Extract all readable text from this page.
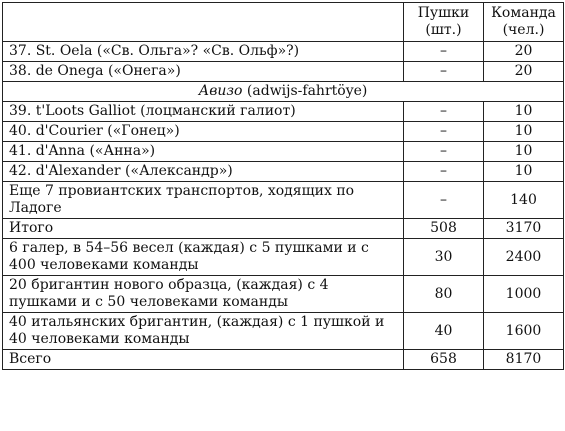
	Пушки (шт.)	Команда (чел.)
37. St. Oela («Св. Ольга»? «Св. Ольф»?)	–	20
38. de Onega («Онега»)	–	20
Авизо (adwijs-fahrtöye)		
39. t'Loots Galliot (лоцманский галиот)	–	10
40. d'Courier («Гонец»)	–	10
41. d'Anna («Анна»)	–	10
42. d'Alexander («Александр»)	–	10
Еще 7 провиантских транспортов, ходящих по Ладоге	–	140
Итого	508	3170
6 галер, в 54–56 весел (каждая) с 5 пушками и с 400 человеками команды	30	2400
20 бригантин нового образца, (каждая) с 4 пушками и с 50 человеками команды	80	1000
40 итальянских бригантин, (каждая) с 1 пушкой и 40 человеками команды	40	1600
Всего	658	8170
